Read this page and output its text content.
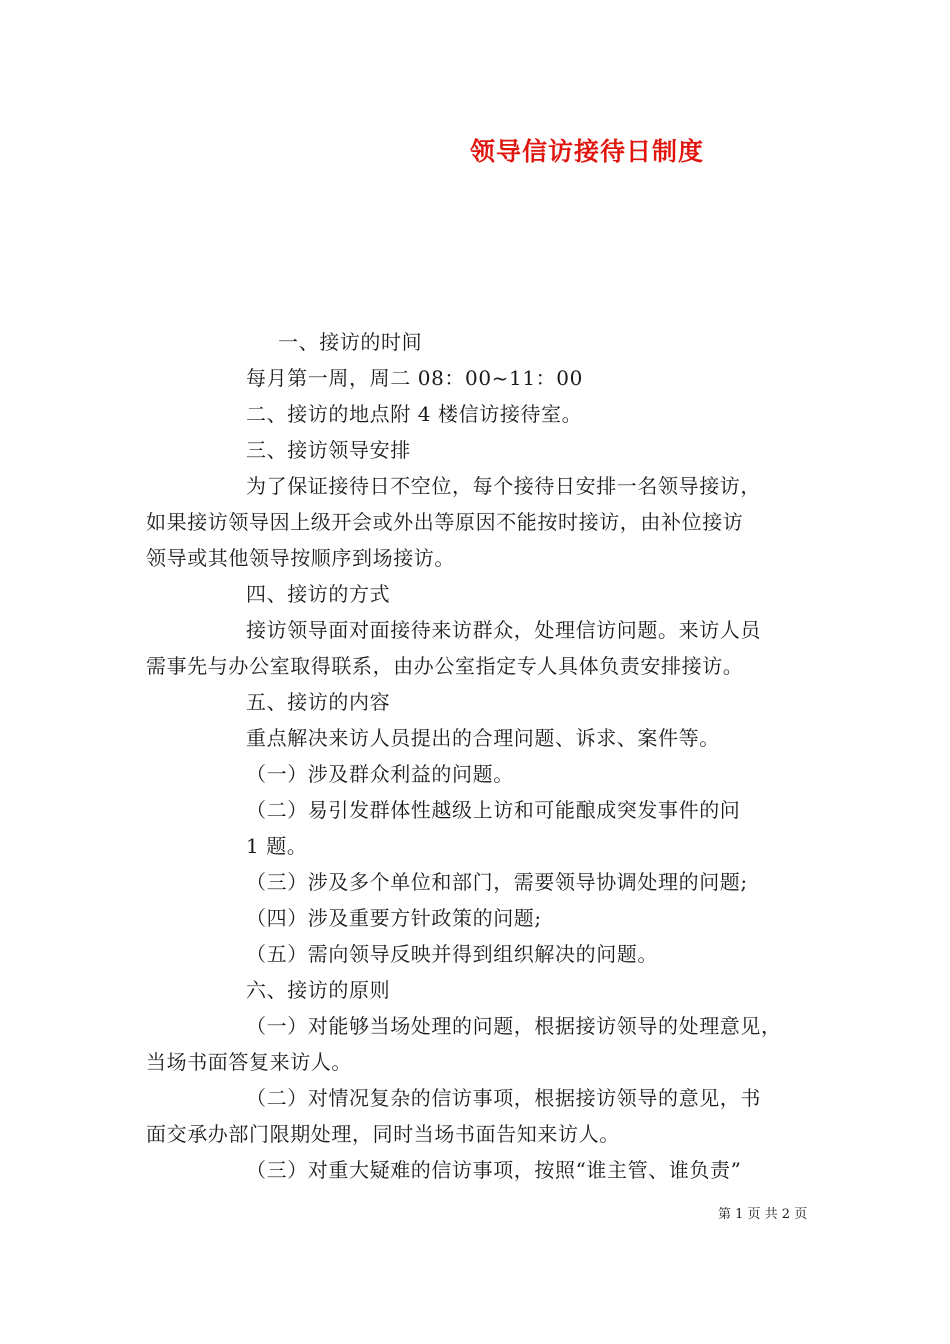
领导信访接待日制度
一、接访的时间
每月第一周，周二 08：00~11：00
二、接访的地点附 4 楼信访接待室。
三、接访领导安排
为了保证接待日不空位，每个接待日安排一名领导接访，
如果接访领导因上级开会或外出等原因不能按时接访，由补位接访
领导或其他领导按顺序到场接访。
四、接访的方式
接访领导面对面接待来访群众，处理信访问题。来访人员
需事先与办公室取得联系，由办公室指定专人具体负责安排接访。
五、接访的内容
重点解决来访人员提出的合理问题、诉求、案件等。
（一）涉及群众利益的问题。
（二）易引发群体性越级上访和可能酿成突发事件的问
1 题。
（三）涉及多个单位和部门，需要领导协调处理的问题;
（四）涉及重要方针政策的问题;
（五）需向领导反映并得到组织解决的问题。
六、接访的原则
（一）对能够当场处理的问题，根据接访领导的处理意见，
当场书面答复来访人。
（二）对情况复杂的信访事项，根据接访领导的意见，书
面交承办部门限期处理，同时当场书面告知来访人。
（三）对重大疑难的信访事项，按照“谁主管、谁负责”
第 1 页 共 2 页
